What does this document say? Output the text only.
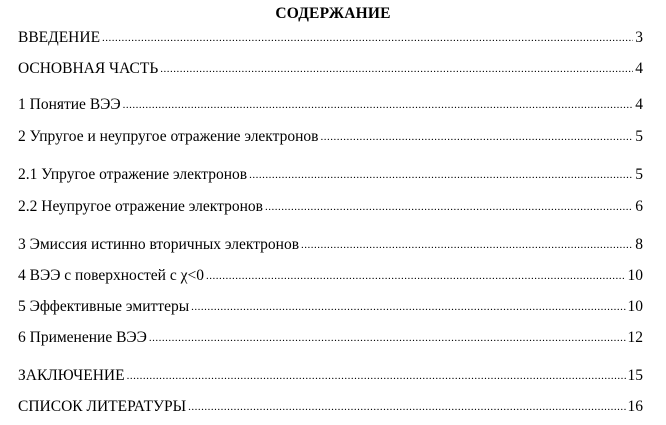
СОДЕРЖАНИЕ
ВВЕДЕНИЕ .....	3
ОСНОВНАЯ ЧАСТЬ .....	4
1 Понятие ВЭЭ .....	4
2 Упругое и неупругое отражение электронов .....	5
2.1 Упругое отражение электронов .....	5
2.2 Неупругое отражение электронов .....	6
3 Эмиссия истинно вторичных электронов .....	8
4 ВЭЭ с поверхностей с χ<0 .....	10
5 Эффективные эмиттеры .....	10
6 Применение ВЭЭ .....	12
ЗАКЛЮЧЕНИЕ .....	15
СПИСОК ЛИТЕРАТУРЫ .....	16
